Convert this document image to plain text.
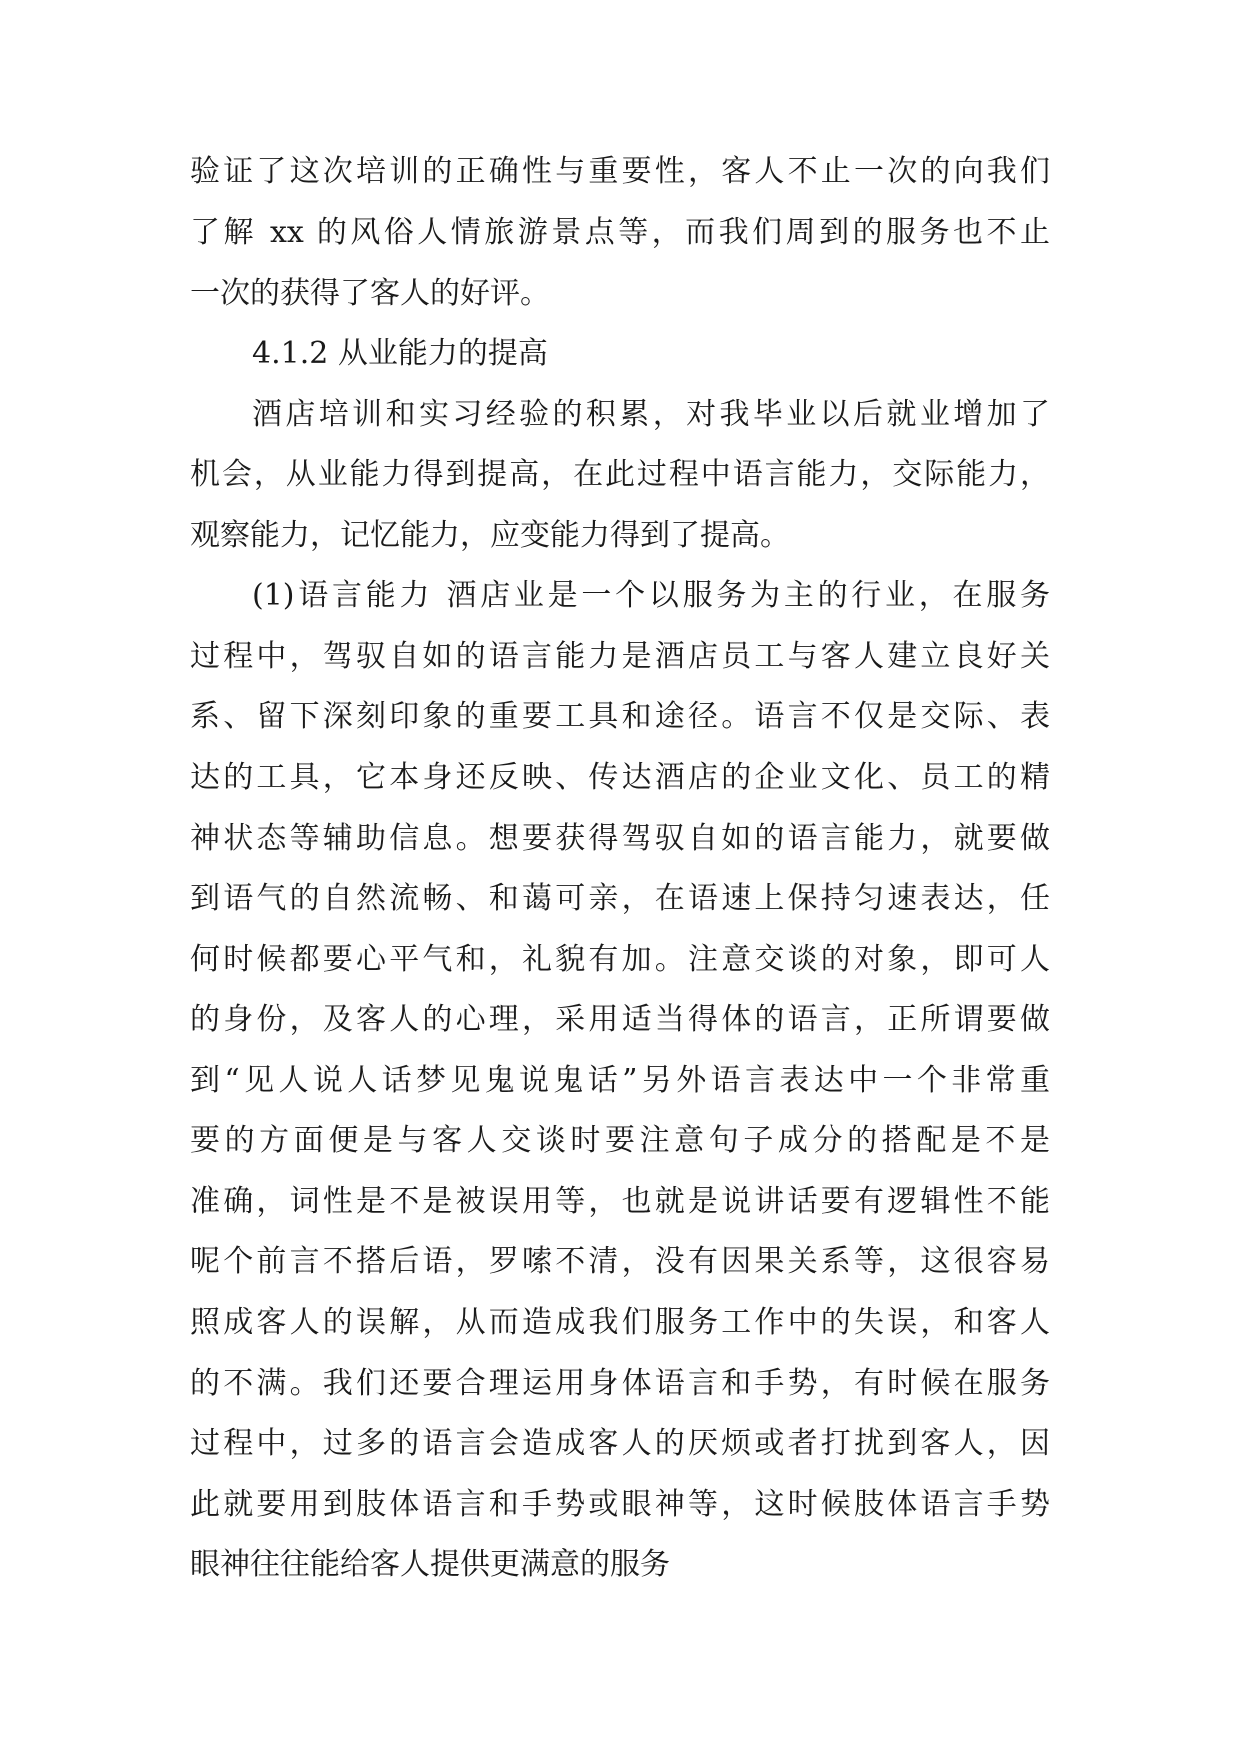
验证了这次培训的正确性与重要性，客人不止一次的向我们
了解 xx 的风俗人情旅游景点等，而我们周到的服务也不止
一次的获得了客人的好评。
4.1.2 从业能力的提高
酒店培训和实习经验的积累，对我毕业以后就业增加了
机会，从业能力得到提高，在此过程中语言能力，交际能力，
观察能力，记忆能力，应变能力得到了提高。
(1)语言能力 酒店业是一个以服务为主的行业，在服务
过程中，驾驭自如的语言能力是酒店员工与客人建立良好关
系、留下深刻印象的重要工具和途径。语言不仅是交际、表
达的工具，它本身还反映、传达酒店的企业文化、员工的精
神状态等辅助信息。想要获得驾驭自如的语言能力，就要做
到语气的自然流畅、和蔼可亲，在语速上保持匀速表达，任
何时候都要心平气和，礼貌有加。注意交谈的对象，即可人
的身份，及客人的心理，采用适当得体的语言，正所谓要做
到“见人说人话梦见鬼说鬼话”另外语言表达中一个非常重
要的方面便是与客人交谈时要注意句子成分的搭配是不是
准确，词性是不是被误用等，也就是说讲话要有逻辑性不能
呢个前言不搭后语，罗嗦不清，没有因果关系等，这很容易
照成客人的误解，从而造成我们服务工作中的失误，和客人
的不满。我们还要合理运用身体语言和手势，有时候在服务
过程中，过多的语言会造成客人的厌烦或者打扰到客人，因
此就要用到肢体语言和手势或眼神等，这时候肢体语言手势
眼神往往能给客人提供更满意的服务
